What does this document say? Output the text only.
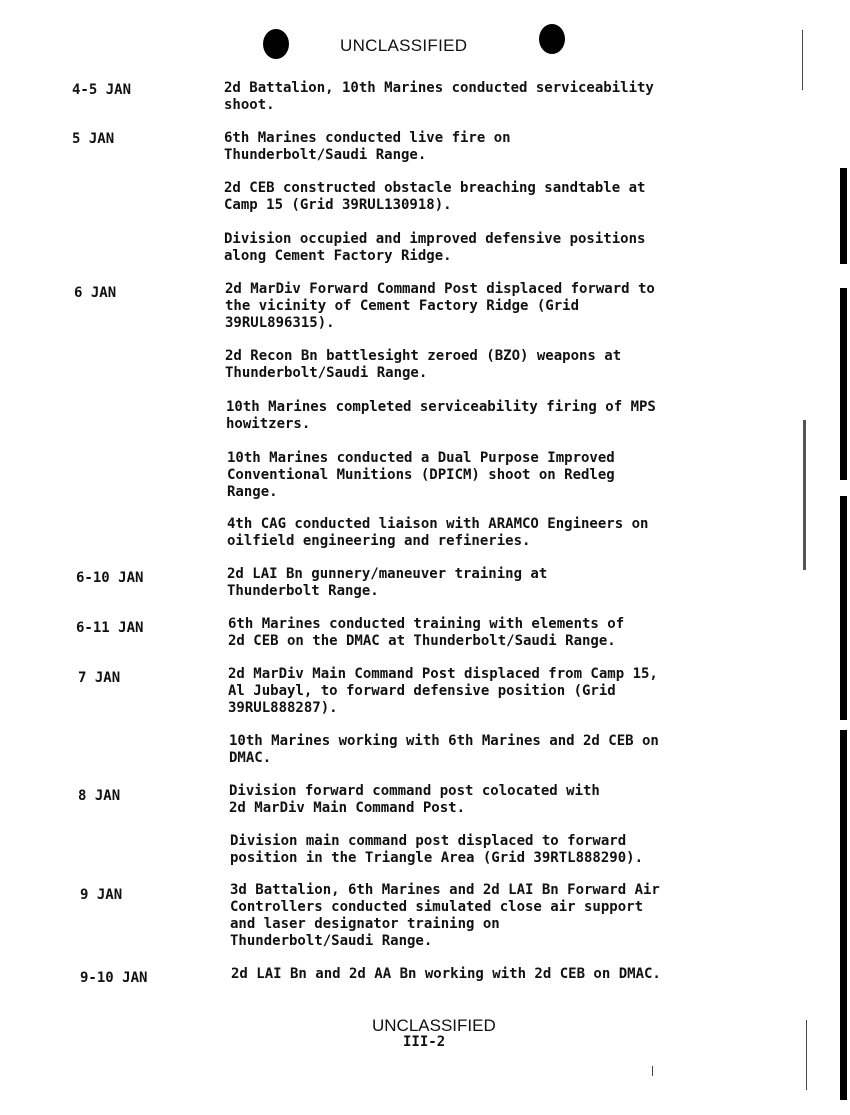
UNCLASSIFIED
4-5 JAN	2d Battalion, 10th Marines conducted serviceability
shoot.
5 JAN	6th Marines conducted live fire on
Thunderbolt/Saudi Range.
2d CEB constructed obstacle breaching sandtable at
Camp 15 (Grid 39RUL130918).
Division occupied and improved defensive positions
along Cement Factory Ridge.
6 JAN	2d MarDiv Forward Command Post displaced forward to
the vicinity of Cement Factory Ridge (Grid
39RUL896315).
2d Recon Bn battlesight zeroed (BZO) weapons at
Thunderbolt/Saudi Range.
10th Marines completed serviceability firing of MPS
howitzers.
10th Marines conducted a Dual Purpose Improved
Conventional Munitions (DPICM) shoot on Redleg
Range.
4th CAG conducted liaison with ARAMCO Engineers on
oilfield engineering and refineries.
6-10 JAN	2d LAI Bn gunnery/maneuver training at
Thunderbolt Range.
6-11 JAN	6th Marines conducted training with elements of
2d CEB on the DMAC at Thunderbolt/Saudi Range.
7 JAN	2d MarDiv Main Command Post displaced from Camp 15,
Al Jubayl, to forward defensive position (Grid
39RUL888287).
10th Marines working with 6th Marines and 2d CEB on
DMAC.
8 JAN	Division forward command post colocated with
2d MarDiv Main Command Post.
Division main command post displaced to forward
position in the Triangle Area (Grid 39RTL888290).
9 JAN	3d Battalion, 6th Marines and 2d LAI Bn Forward Air
Controllers conducted simulated close air support
and laser designator training on
Thunderbolt/Saudi Range.
9-10 JAN	2d LAI Bn and 2d AA Bn working with 2d CEB on DMAC.
UNCLASSIFIED
III-2
